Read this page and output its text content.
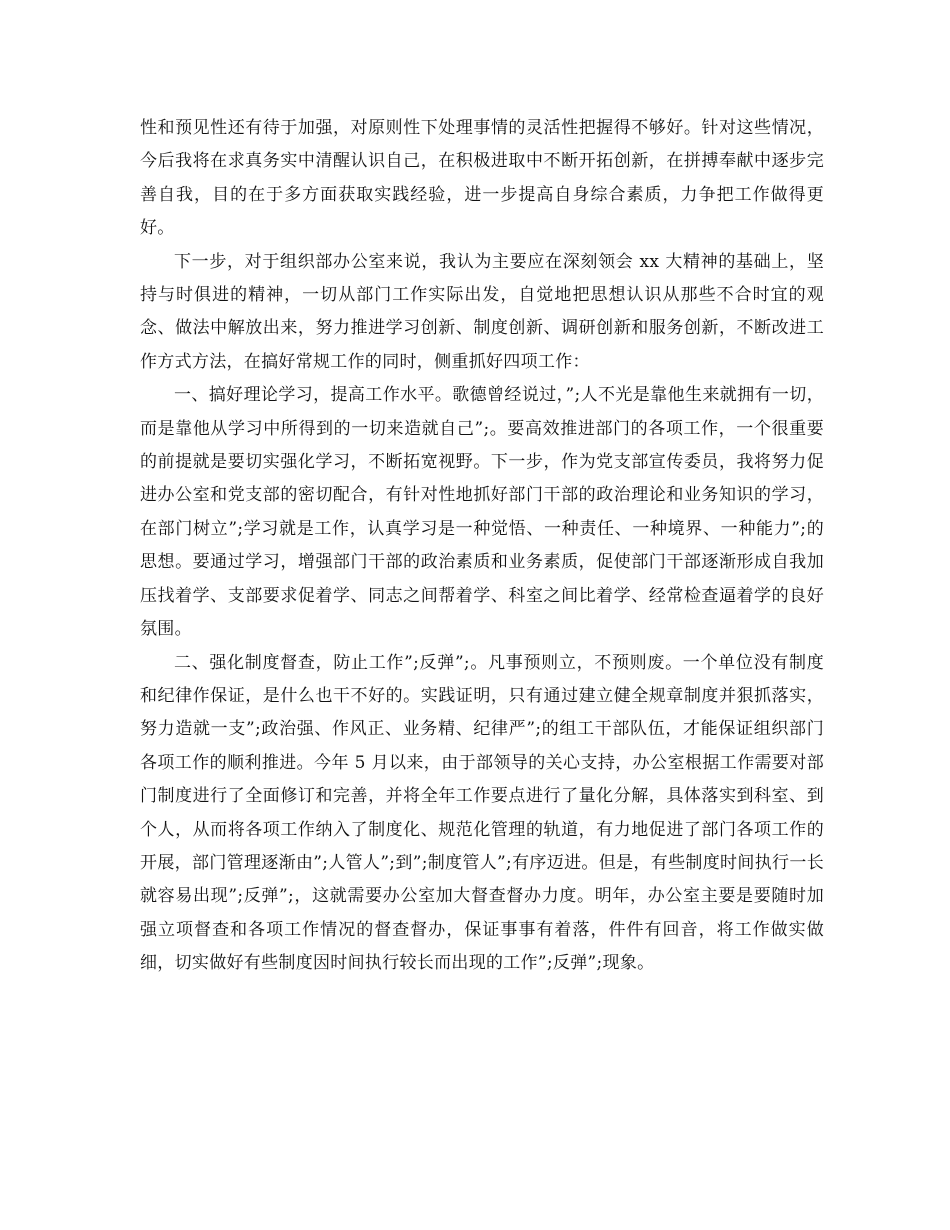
性和预见性还有待于加强，对原则性下处理事情的灵活性把握得不够好。针对这些情况，今后我将在求真务实中清醒认识自己，在积极进取中不断开拓创新，在拼搏奉献中逐步完善自我，目的在于多方面获取实践经验，进一步提高自身综合素质，力争把工作做得更好。

下一步，对于组织部办公室来说，我认为主要应在深刻领会 xx 大精神的基础上，坚持与时俱进的精神，一切从部门工作实际出发，自觉地把思想认识从那些不合时宜的观念、做法中解放出来，努力推进学习创新、制度创新、调研创新和服务创新，不断改进工作方式方法，在搞好常规工作的同时，侧重抓好四项工作：

一、搞好理论学习，提高工作水平。歌德曾经说过，”;人不光是靠他生来就拥有一切，而是靠他从学习中所得到的一切来造就自己”;。要高效推进部门的各项工作，一个很重要的前提就是要切实强化学习，不断拓宽视野。下一步，作为党支部宣传委员，我将努力促进办公室和党支部的密切配合，有针对性地抓好部门干部的政治理论和业务知识的学习，在部门树立”;学习就是工作，认真学习是一种觉悟、一种责任、一种境界、一种能力”;的思想。要通过学习，增强部门干部的政治素质和业务素质，促使部门干部逐渐形成自我加压找着学、支部要求促着学、同志之间帮着学、科室之间比着学、经常检查逼着学的良好氛围。

二、强化制度督查，防止工作”;反弹”;。凡事预则立，不预则废。一个单位没有制度和纪律作保证，是什么也干不好的。实践证明，只有通过建立健全规章制度并狠抓落实，努力造就一支”;政治强、作风正、业务精、纪律严”;的组工干部队伍，才能保证组织部门各项工作的顺利推进。今年 5 月以来，由于部领导的关心支持，办公室根据工作需要对部门制度进行了全面修订和完善，并将全年工作要点进行了量化分解，具体落实到科室、到个人，从而将各项工作纳入了制度化、规范化管理的轨道，有力地促进了部门各项工作的开展，部门管理逐渐由”;人管人”;到”;制度管人”;有序迈进。但是，有些制度时间执行一长就容易出现”;反弹”;，这就需要办公室加大督查督办力度。明年，办公室主要是要随时加强立项督查和各项工作情况的督查督办，保证事事有着落，件件有回音，将工作做实做细，切实做好有些制度因时间执行较长而出现的工作”;反弹”;现象。
